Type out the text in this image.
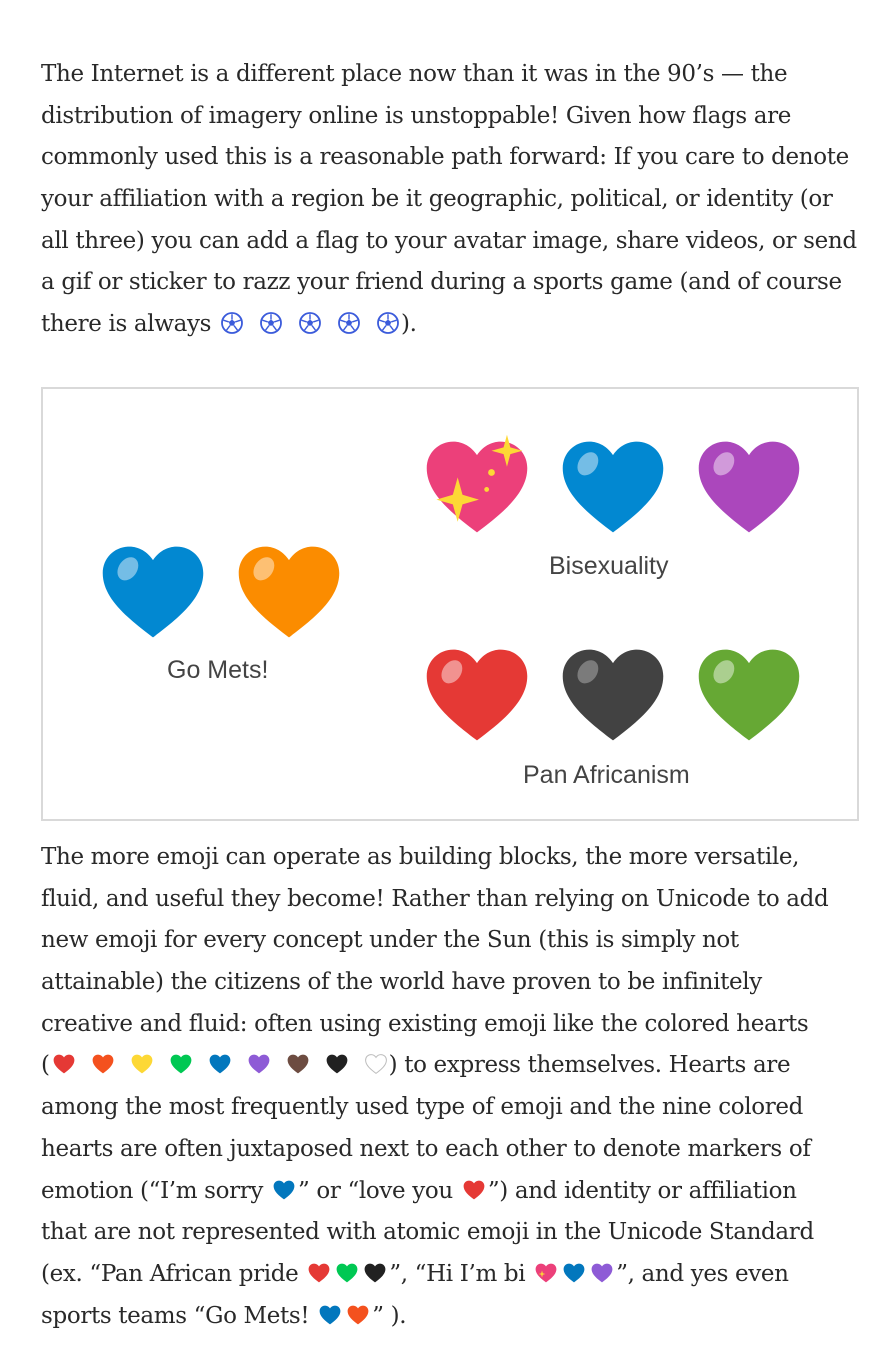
The Internet is a different place now than it was in the 90’s — the
distribution of imagery online is unstoppable! Given how flags are
commonly used this is a reasonable path forward: If you care to denote
your affiliation with a region be it geographic, political, or identity (or
all three) you can add a flag to your avatar image, share videos, or send
a gif or sticker to razz your friend during a sports game (and of course
there is always	).
Go Mets!
Bisexuality
Pan Africanism
The more emoji can operate as building blocks, the more versatile,
fluid, and useful they become! Rather than relying on Unicode to add
new emoji for every concept under the Sun (this is simply not
attainable) the citizens of the world have proven to be infinitely
creative and fluid: often using existing emoji like the colored hearts
(	) to express themselves. Hearts are
among the most frequently used type of emoji and the nine colored
hearts are often juxtaposed next to each other to denote markers of
emotion (“I’m sorry ” or “love you ”) and identity or affiliation
that are not represented with atomic emoji in the Unicode Standard
(ex. “Pan African pride	”, “Hi I’m bi	”, and yes even
sports teams “Go Mets! ” ).
